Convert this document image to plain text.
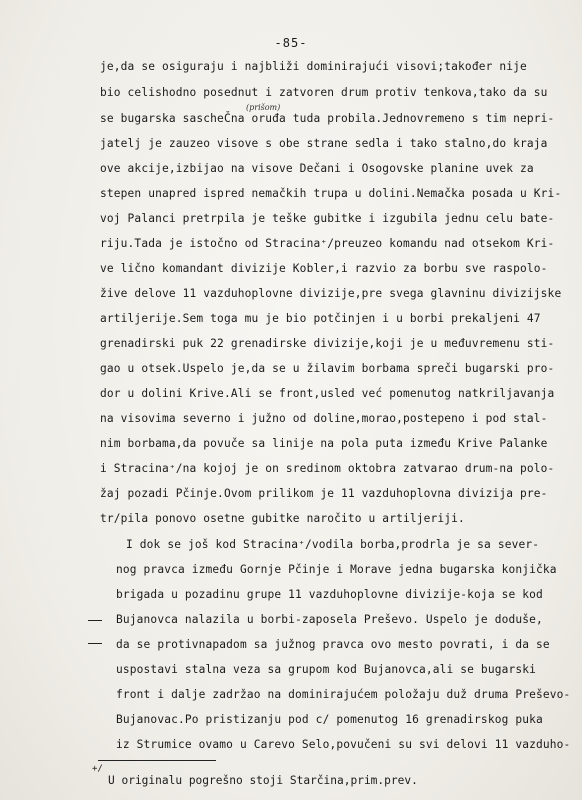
-85-
(prišom)
je,da se osiguraju i najbliži dominirajući visovi;također nije
bio celishodno posednut i zatvoren drum protiv tenkova,tako da su
se bugarska sascheČna oruđa tuda probila.Jednovremeno s tim nepri-
jatelj je zauzeo visove s obe strane sedla i tako stalno,do kraja
ove akcije,izbijao na visove Dečani i Osogovske planine uvek za
stepen unapred ispred nemačkih trupa u dolini.Nemačka posada u Kri-
voj Palanci pretrpila je teške gubitke i izgubila jednu celu bate-
riju.Tada je istočno od Stracina⁺/preuzeo komandu nad otsekom Kri-
ve lično komandant divizije Kobler,i razvio za borbu sve raspolo-
žive delove 11 vazduhoplovne divizije,pre svega glavninu divizijske
artiljerije.Sem toga mu je bio potčinjen i u borbi prekaljeni 47
grenadirski puk 22 grenadirske divizije,koji je u međuvremenu sti-
gao u otsek.Uspelo je,da se u žilavim borbama spreči bugarski pro-
dor u dolini Krive.Ali se front,usled već pomenutog natkriljavanja
na visovima severno i južno od doline,morao,postepeno i pod stal-
nim borbama,da povuče sa linije na pola puta između Krive Palanke
i Stracina⁺/na kojoj je on sredinom oktobra zatvarao drum-na polo-
žaj pozadi Pčinje.Ovom prilikom je 11 vazduhoplovna divizija pre-
tr/pila ponovo osetne gubitke naročito u artiljeriji.
I dok se još kod Stracina⁺/vodila borba,prodrla je sa sever-
nog pravca između Gornje Pčinje i Morave jedna bugarska konjička
brigada u pozadinu grupe 11 vazduhoplovne divizije-koja se kod
Bujanovca nalazila u borbi-zaposela Preševo. Uspelo je doduše,
da se protivnapadom sa južnog pravca ovo mesto povrati, i da se
uspostavi stalna veza sa grupom kod Bujanovca,ali se bugarski
front i dalje zadržao na dominirajućem položaju duž druma Preševo-
Bujanovac.Po pristizanju pod c/ pomenutog 16 grenadirskog puka
iz Strumice ovamo u Carevo Selo,povučeni su svi delovi 11 vazduho-
+/
U originalu pogrešno stoji Starčina,prim.prev.
